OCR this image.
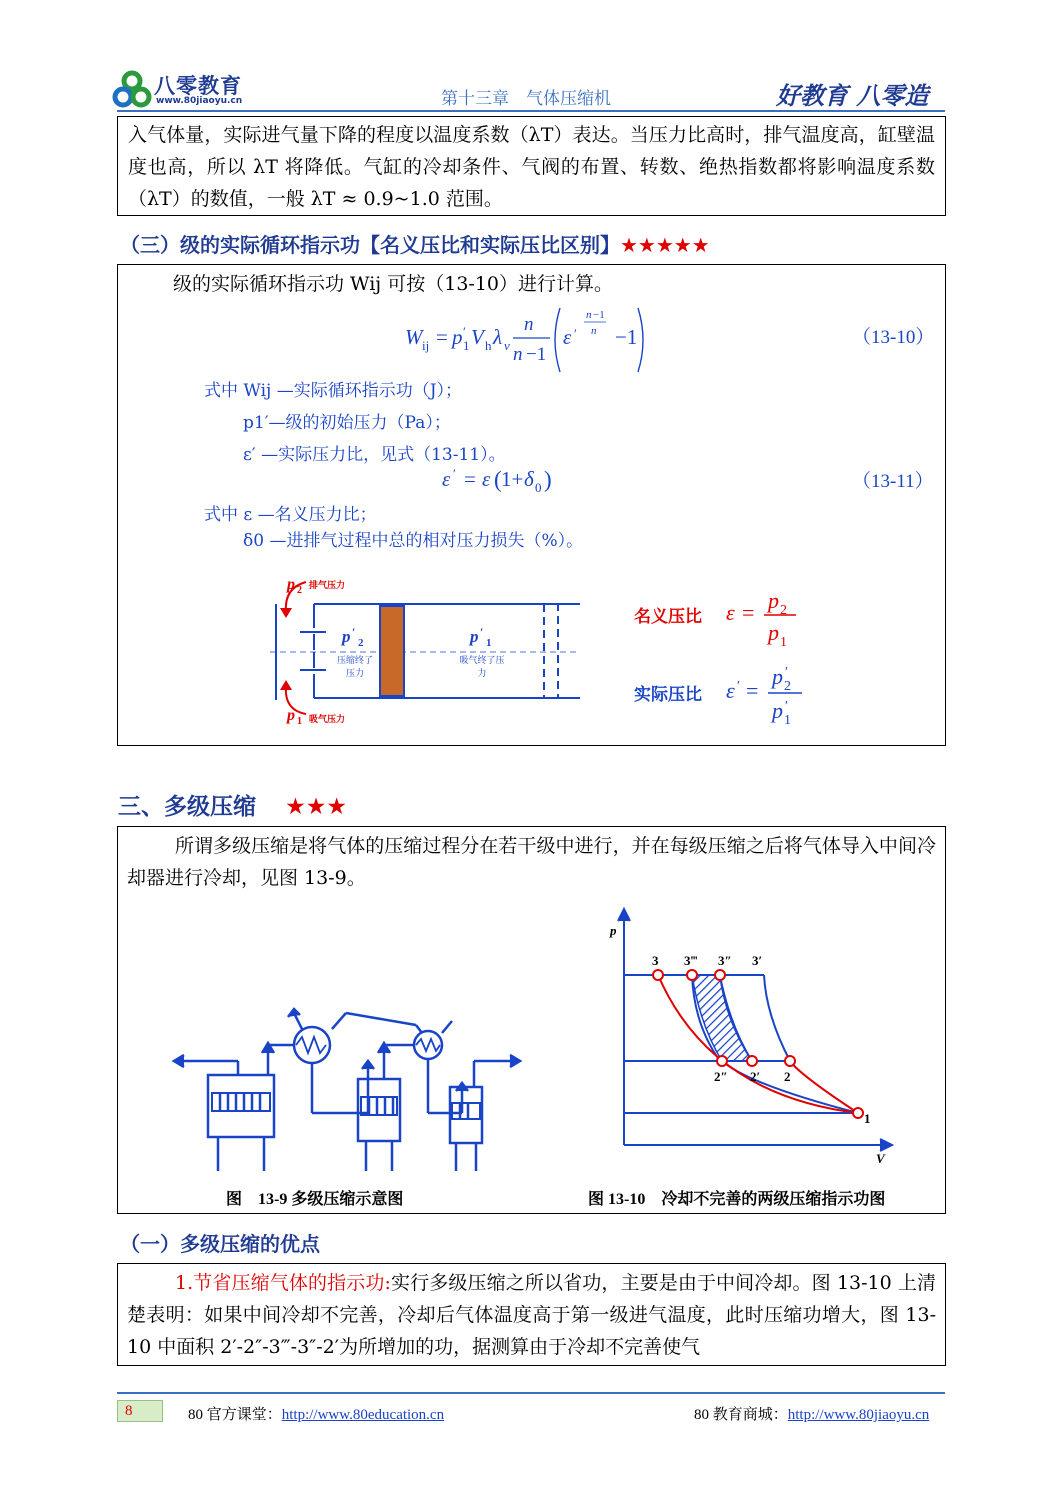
八零教育
www.80jiaoyu.cn	第十三章　气体压缩机	好教育 八零造
入气体量，实际进气量下降的程度以温度系数（λT）表达。当压力比高时，排气温度高，缸壁温度也高，所以 λT 将降低。气缸的冷却条件、气阀的布置、转数、绝热指数都将影响温度系数（λT）的数值，一般 λT ≈ 0.9~1.0 范围。
（三）级的实际循环指示功【名义压比和实际压比区别】★★★★★
级的实际循环指示功 Wij 可按（13-10）进行计算。
W ij = p ′
1 V h λ v
n
n −1
ε ′
n −1
n −1	（13-10）
式中 Wij —实际循环指示功（J）；
p1′—级的初始压力（Pa）；
ε′ —实际压力比，见式（13-11）。
ε ′ = ε ( 1+ δ 0 )	（13-11）
式中 ε —名义压力比；
δ0 —进排气过程中总的相对压力损失（%）。
p 2
p 1
p ′
2	p ′
1
排气压力
吸气压力
压缩终了压力
吸气终了压力
名义压比 ε = p 2
p 1
实际压比 ε ′ =
p ′
2
p ′
1
三、多级压缩 ★★★
所谓多级压缩是将气体的压缩过程分在若干级中进行，并在每级压缩之后将气体导入中间冷却器进行冷却，见图 13-9。
p
V
3 3‴ 3″ 3′
2″ 2′ 2
1
图　13-9 多级压缩示意图	图 13-10　冷却不完善的两级压缩指示功图
（一）多级压缩的优点
1.节省压缩气体的指示功:实行多级压缩之所以省功，主要是由于中间冷却。图 13-10 上清楚表明：如果中间冷却不完善，冷却后气体温度高于第一级进气温度，此时压缩功增大，图 13-10 中面积 2′-2″-3‴-3″-2′为所增加的功，据测算由于冷却不完善使气
8	80 官方课堂：http://www.80education.cn	80 教育商城：http://www.80jiaoyu.cn
